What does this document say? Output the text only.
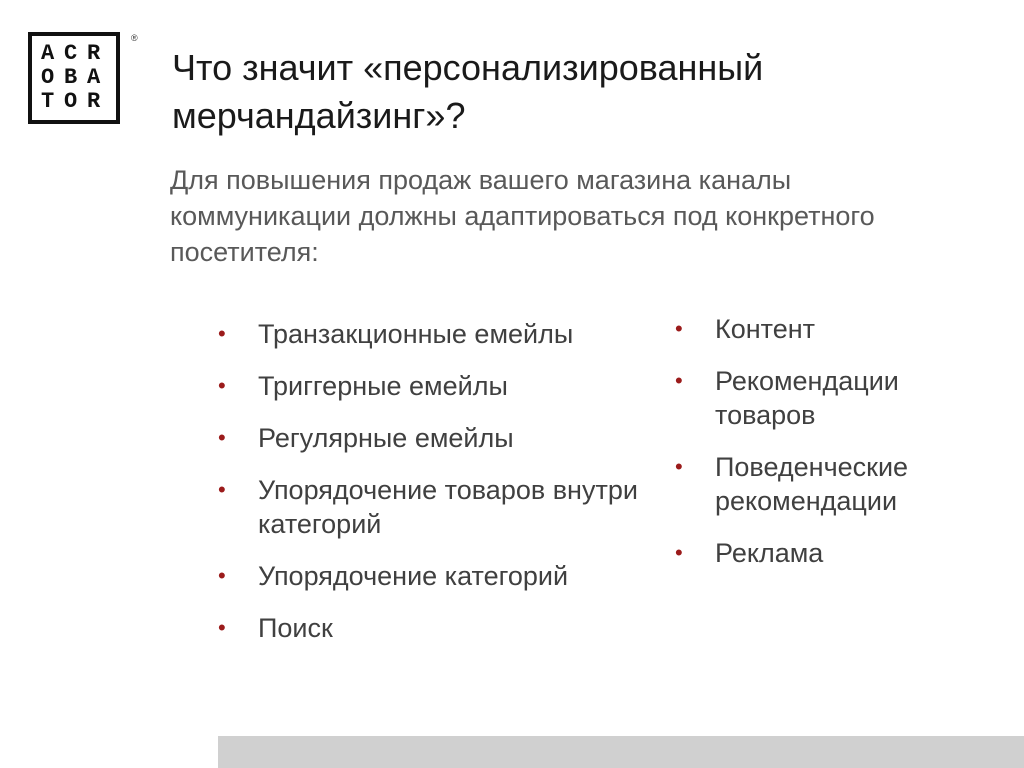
A C R
O B A
T O R
®
Что значит «персонализированный мерчандайзинг»?

Для повышения продаж вашего магазина каналы коммуникации должны адаптироваться под конкретного посетителя:

• Транзакционные емейлы
• Триггерные емейлы
• Регулярные емейлы
• Упорядочение товаров внутри категорий
• Упорядочение категорий
• Поиск
• Контент
• Рекомендации товаров
• Поведенческие рекомендации
• Реклама
